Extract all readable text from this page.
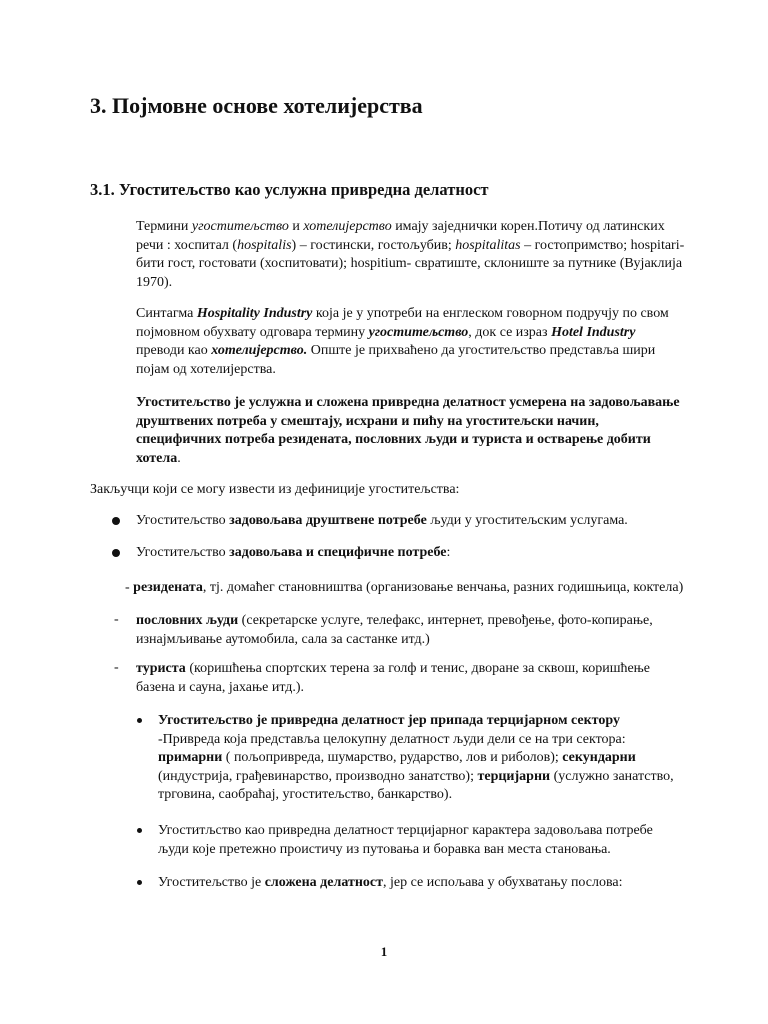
3. Појмовне основе хотелијерства
3.1. Угоститељство као услужна привредна делатност
Термини угоститељство и хотелијерство имају заједнички корен.Потичу од латинских
речи : хоспитал (hospitalis) – гостински, гостољубив; hospitalitas – гостопримство; hospitari-
бити гост, гостовати (хоспитовати); hospitium- свратиште, склониште за путнике (Вујаклија
1970).
Синтагма Hospitality Industry која је у употреби на енглеском говорном подручју по свом
појмовном обухвату одговара термину угоститељство, док се израз Hotel Industry
преводи као хотелијерство. Опште је прихваћено да угоститељство представља шири
појам од хотелијерства.
Угоститељство је услужна и сложена привредна делатност усмерена на задовољавање
друштвених потреба у смештају, исхрани и пићу на угоститељски начин,
специфичних потреба резидената, пословних људи и туриста и остварење добити
хотела.
Закључци који се могу извести из дефиниције угоститељства:
Угоститељство задовољава друштвене потребе људи у угоститељским услугама.
Угоститељство задовољава и специфичне потребе:
- резидената, тј. домаћег становништва (организовање венчања, разних годишњица, коктела)
- пословних људи (секретарске услуге, телефакс, интернет, превођење, фото-копирање,
изнајмљивање аутомобила, сала за састанке итд.)
- туриста (коришћења спортских терена за голф и тенис, дворане за сквош, коришћење
базена и сауна, јахање итд.).
Угоститељство је привредна делатност јер припада терцијарном сектору
-Привреда која представља целокупну делатност људи дели се на три сектора:
примарни ( пољопривреда, шумарство, рударство, лов и риболов); секундарни
(индустрија, грађевинарство, производно занатство); терцијарни (услужно занатство,
трговина, саобраћај, угоститељство, банкарство).
Угоститљство као привредна делатност терцијарног карактера задовољава потребе
људи које претежно проистичу из путовања и боравка ван места становања.
Угоститељство је сложена делатност, јер се испољава у обухватању послова:
1
